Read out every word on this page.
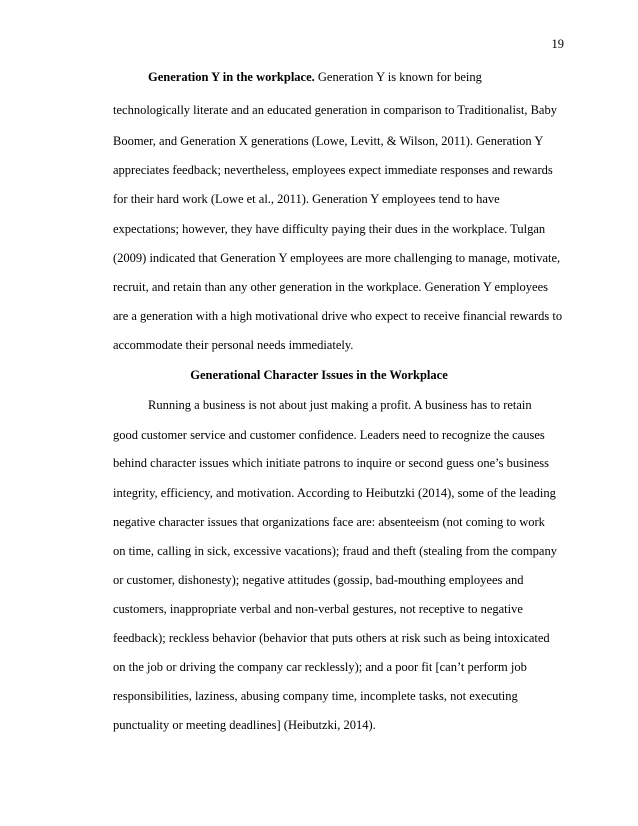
19
Generation Y in the workplace. Generation Y is known for being
technologically literate and an educated generation in comparison to Traditionalist, Baby
Boomer, and Generation X generations (Lowe, Levitt, & Wilson, 2011). Generation Y
appreciates feedback; nevertheless, employees expect immediate responses and rewards
for their hard work (Lowe et al., 2011). Generation Y employees tend to have
expectations; however, they have difficulty paying their dues in the workplace. Tulgan
(2009) indicated that Generation Y employees are more challenging to manage, motivate,
recruit, and retain than any other generation in the workplace. Generation Y employees
are a generation with a high motivational drive who expect to receive financial rewards to
accommodate their personal needs immediately.
Generational Character Issues in the Workplace
Running a business is not about just making a profit. A business has to retain
good customer service and customer confidence. Leaders need to recognize the causes
behind character issues which initiate patrons to inquire or second guess one’s business
integrity, efficiency, and motivation. According to Heibutzki (2014), some of the leading
negative character issues that organizations face are: absenteeism (not coming to work
on time, calling in sick, excessive vacations); fraud and theft (stealing from the company
or customer, dishonesty); negative attitudes (gossip, bad-mouthing employees and
customers, inappropriate verbal and non-verbal gestures, not receptive to negative
feedback); reckless behavior (behavior that puts others at risk such as being intoxicated
on the job or driving the company car recklessly); and a poor fit [can’t perform job
responsibilities, laziness, abusing company time, incomplete tasks, not executing
punctuality or meeting deadlines] (Heibutzki, 2014).
